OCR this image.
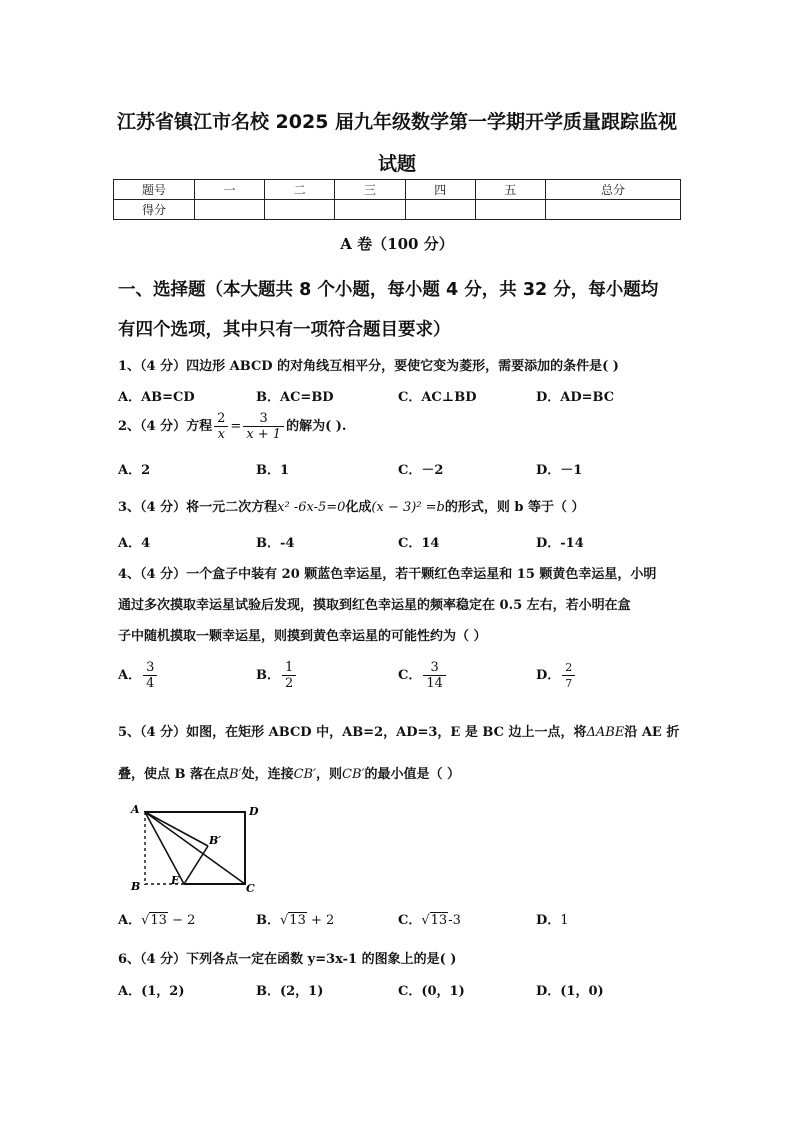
江苏省镇江市名校 2025 届九年级数学第一学期开学质量跟踪监视
试题
题号	一	二	三	四	五	总分
得分						
A 卷（100 分）
一、选择题（本大题共 8 个小题，每小题 4 分，共 32 分，每小题均
有四个选项，其中只有一项符合题目要求）
1、（4 分）四边形 ABCD 的对角线互相平分，要使它变为菱形，需要添加的条件是( )
A．AB=CD	B．AC=BD	C．AC⊥BD	D．AD=BC
2、（4 分）方程 $\frac{2}{x} = \frac{3}{x + 1}$ 的解为( ).
A．2	B．1	C．－2	D．－1
3、（4 分）将一元二次方程x² -6x-5=0化成(x − 3)² =b的形式，则 b 等于（ ）
A．4	B．-4	C．14	D．-14
4、（4 分）一个盒子中装有 20 颗蓝色幸运星，若干颗红色幸运星和 15 颗黄色幸运星，小明
通过多次摸取幸运星试验后发现，摸取到红色幸运星的频率稳定在 0.5 左右，若小明在盒
子中随机摸取一颗幸运星，则摸到黄色幸运星的可能性约为（ ）
A． $\frac{3}{4}$	B． $\frac{1}{2}$	C． $\frac{3}{14}$	D． $\frac{2}{7}$
5、（4 分）如图，在矩形 ABCD 中，AB=2，AD=3，E 是 BC 边上一点，将ΔABE沿 AE 折
叠，使点 B 落在点B′处，连接CB′，则CB′的最小值是（ ）
A	D
B	C
E
B′
A．√13 − 2	B．√13 + 2	C．√13-3	D．1
6、（4 分）下列各点一定在函数 y=3x-1 的图象上的是( )
A．(1，2)	B．(2，1)	C．(0，1)	D．(1，0)
